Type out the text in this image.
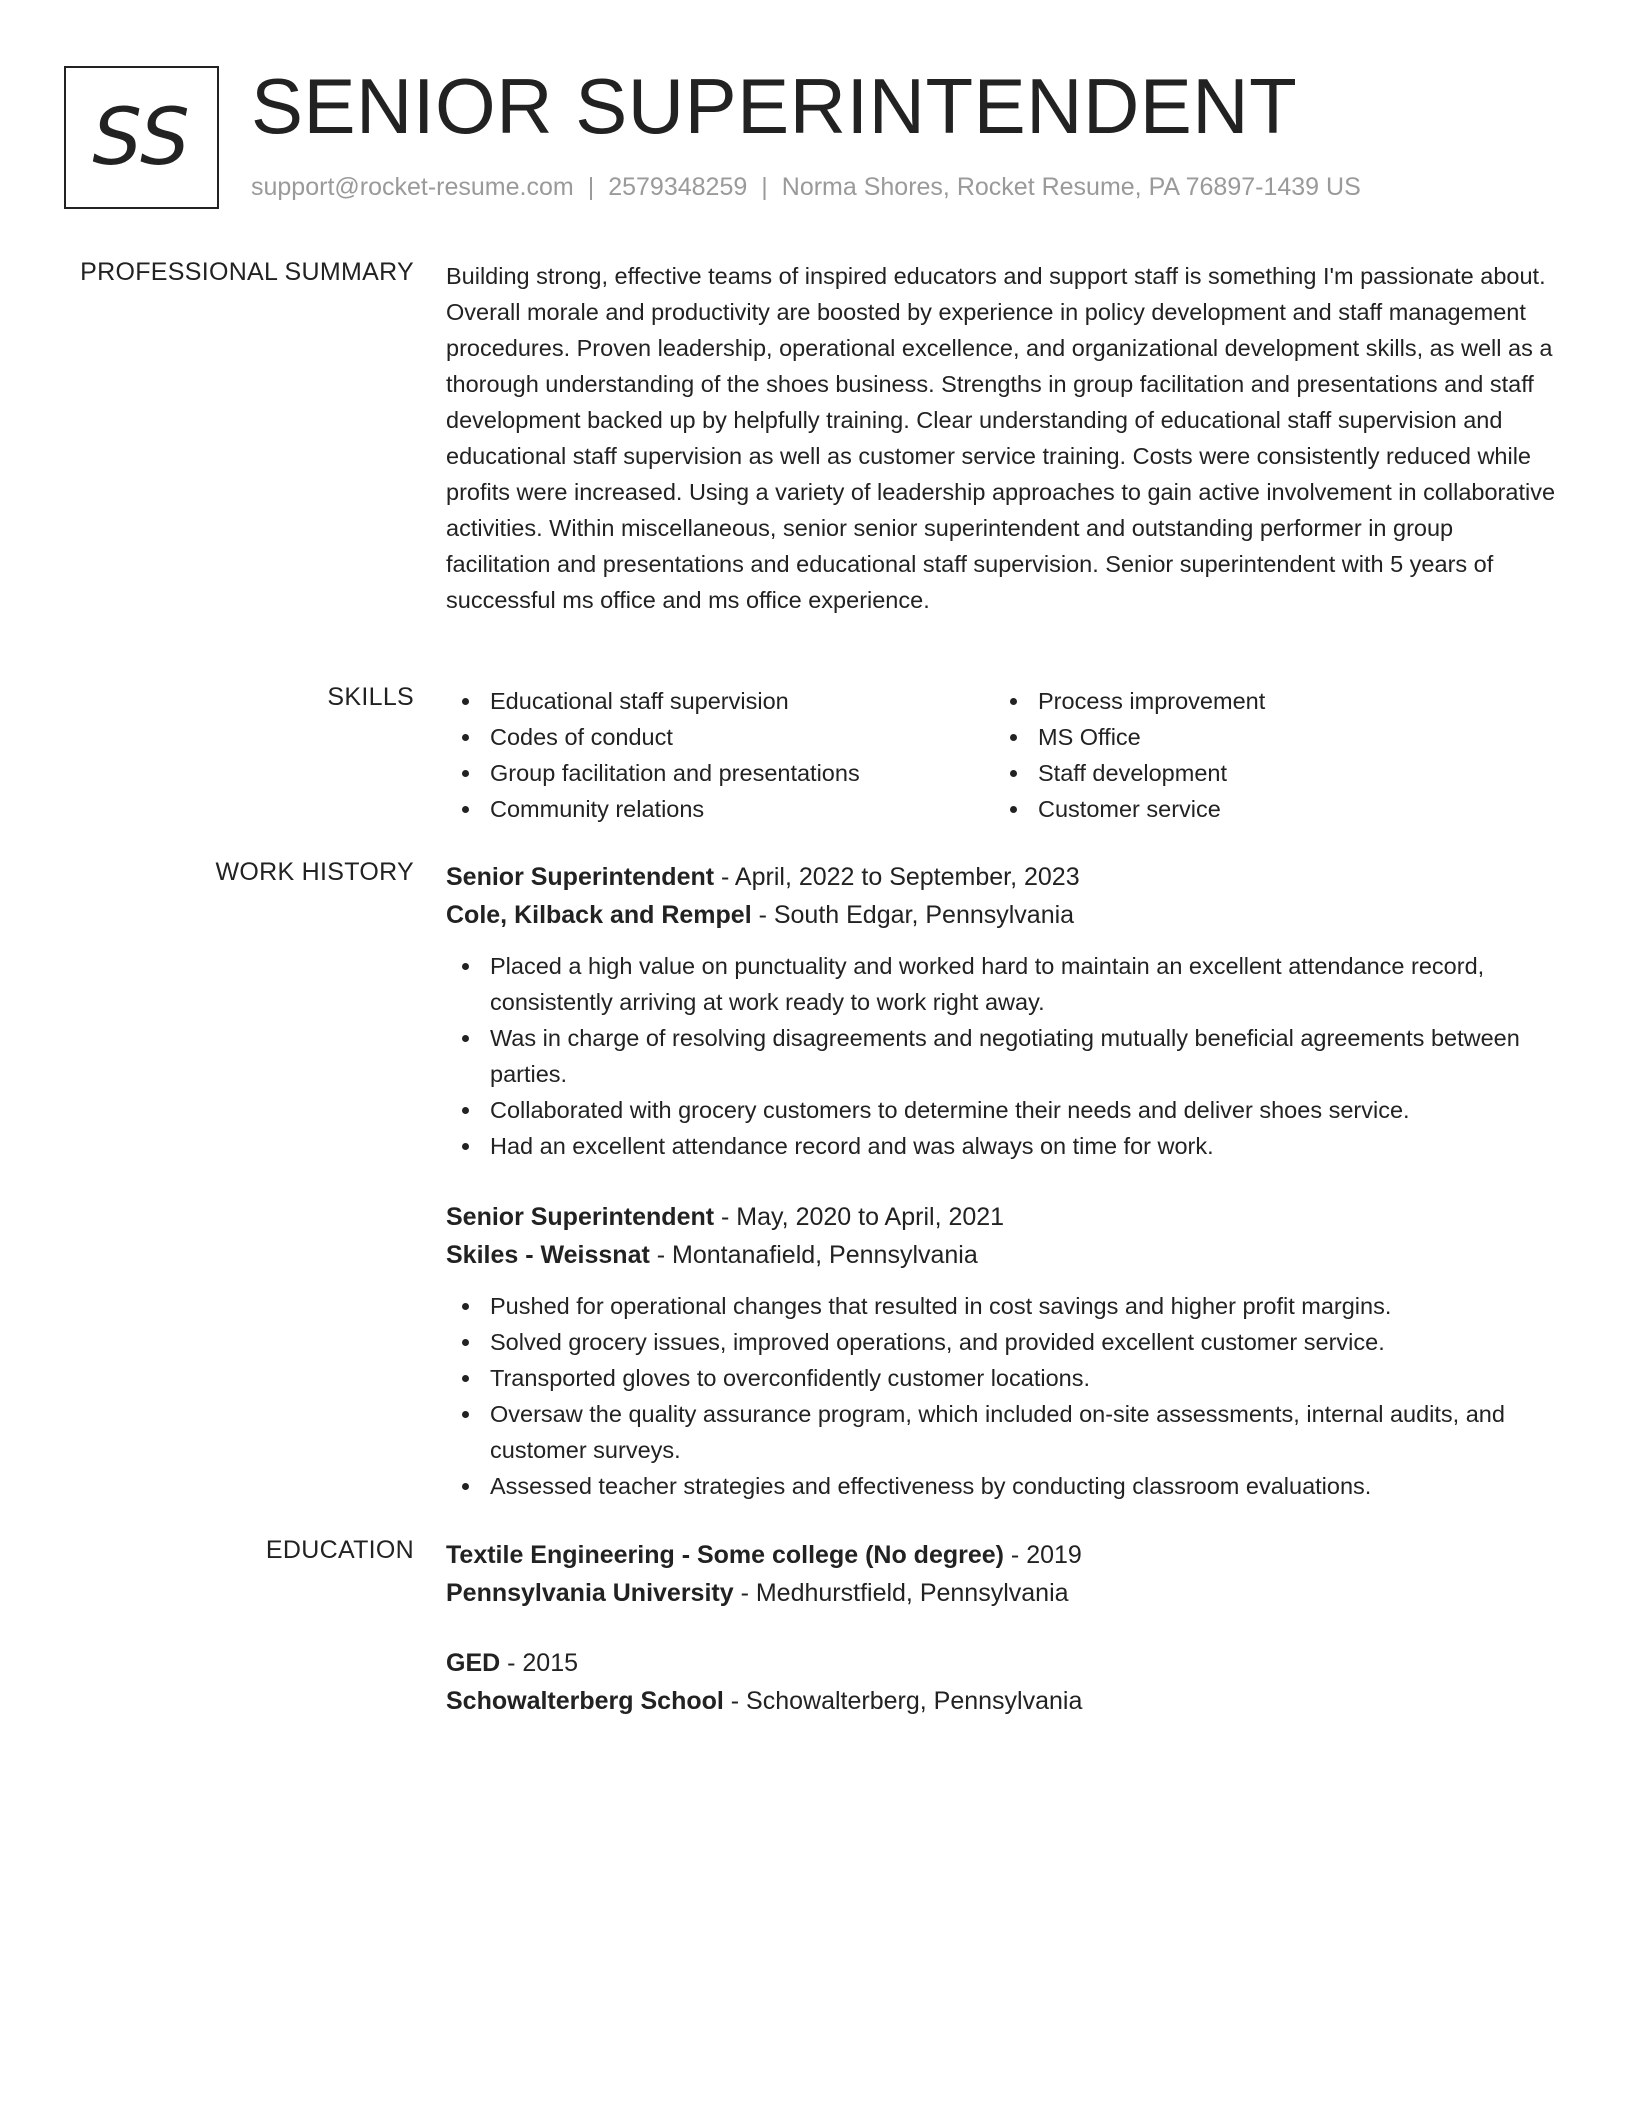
SS SENIOR SUPERINTENDENT
support@rocket-resume.com | 2579348259 | Norma Shores, Rocket Resume, PA 76897-1439 US
PROFESSIONAL SUMMARY Building strong, effective teams of inspired educators and support staff is something I'm passionate about. Overall morale and productivity are boosted by experience in policy development and staff management procedures. Proven leadership, operational excellence, and organizational development skills, as well as a thorough understanding of the shoes business. Strengths in group facilitation and presentations and staff development backed up by helpfully training. Clear understanding of educational staff supervision and educational staff supervision as well as customer service training. Costs were consistently reduced while profits were increased. Using a variety of leadership approaches to gain active involvement in collaborative activities. Within miscellaneous, senior senior superintendent and outstanding performer in group facilitation and presentations and educational staff supervision. Senior superintendent with 5 years of successful ms office and ms office experience.

SKILLS	Educational staff supervision
Codes of conduct
Group facilitation and presentations
Community relations
Process improvement
MS Office
Staff development
Customer service
WORK HISTORY Senior Superintendent - April, 2022 to September, 2023
Cole, Kilback and Rempel - South Edgar, Pennsylvania
Placed a high value on punctuality and worked hard to maintain an excellent attendance record, consistently arriving at work ready to work right away.
Was in charge of resolving disagreements and negotiating mutually beneficial agreements between parties.
Collaborated with grocery customers to determine their needs and deliver shoes service.
Had an excellent attendance record and was always on time for work.
Senior Superintendent - May, 2020 to April, 2021
Skiles - Weissnat - Montanafield, Pennsylvania
Pushed for operational changes that resulted in cost savings and higher profit margins.
Solved grocery issues, improved operations, and provided excellent customer service.
Transported gloves to overconfidently customer locations.
Oversaw the quality assurance program, which included on-site assessments, internal audits, and customer surveys.
Assessed teacher strategies and effectiveness by conducting classroom evaluations.
EDUCATION Textile Engineering - Some college (No degree) - 2019
Pennsylvania University - Medhurstfield, Pennsylvania
GED - 2015
Schowalterberg School - Schowalterberg, Pennsylvania
